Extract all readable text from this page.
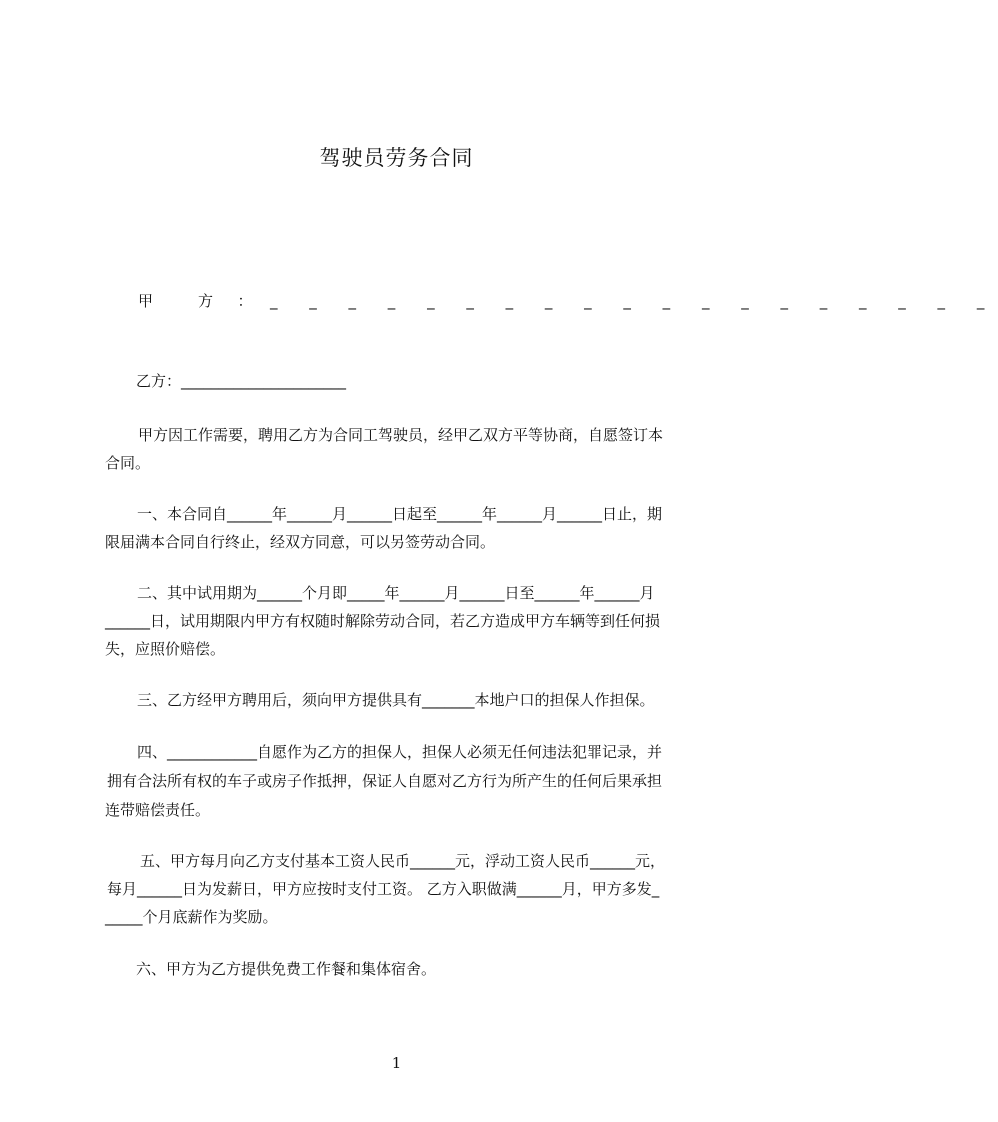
驾驶员劳务合同
甲	方 ： _ _ _ _ _ _ _ _ _ _ _ _ _ _ _ _ _ _ _
乙方：______________________
甲方因工作需要，聘用乙方为合同工驾驶员，经甲乙双方平等协商，自愿签订本
合同。
一、本合同自______年______月______日起至______年______月______日止，期
限届满本合同自行终止，经双方同意，可以另签劳动合同。
二、其中试用期为______个月即_____年______月______日至______年______月
______日，试用期限内甲方有权随时解除劳动合同，若乙方造成甲方车辆等到任何损
失，应照价赔偿。
三、乙方经甲方聘用后，须向甲方提供具有_______本地户口的担保人作担保。
四、____________自愿作为乙方的担保人，担保人必须无任何违法犯罪记录，并
拥有合法所有权的车子或房子作抵押，保证人自愿对乙方行为所产生的任何后果承担
连带赔偿责任。
五、甲方每月向乙方支付基本工资人民币______元，浮动工资人民币______元，
每月______日为发薪日，甲方应按时支付工资。 乙方入职做满______月，甲方多发_
_____个月底薪作为奖励。
六、甲方为乙方提供免费工作餐和集体宿舍。
1
